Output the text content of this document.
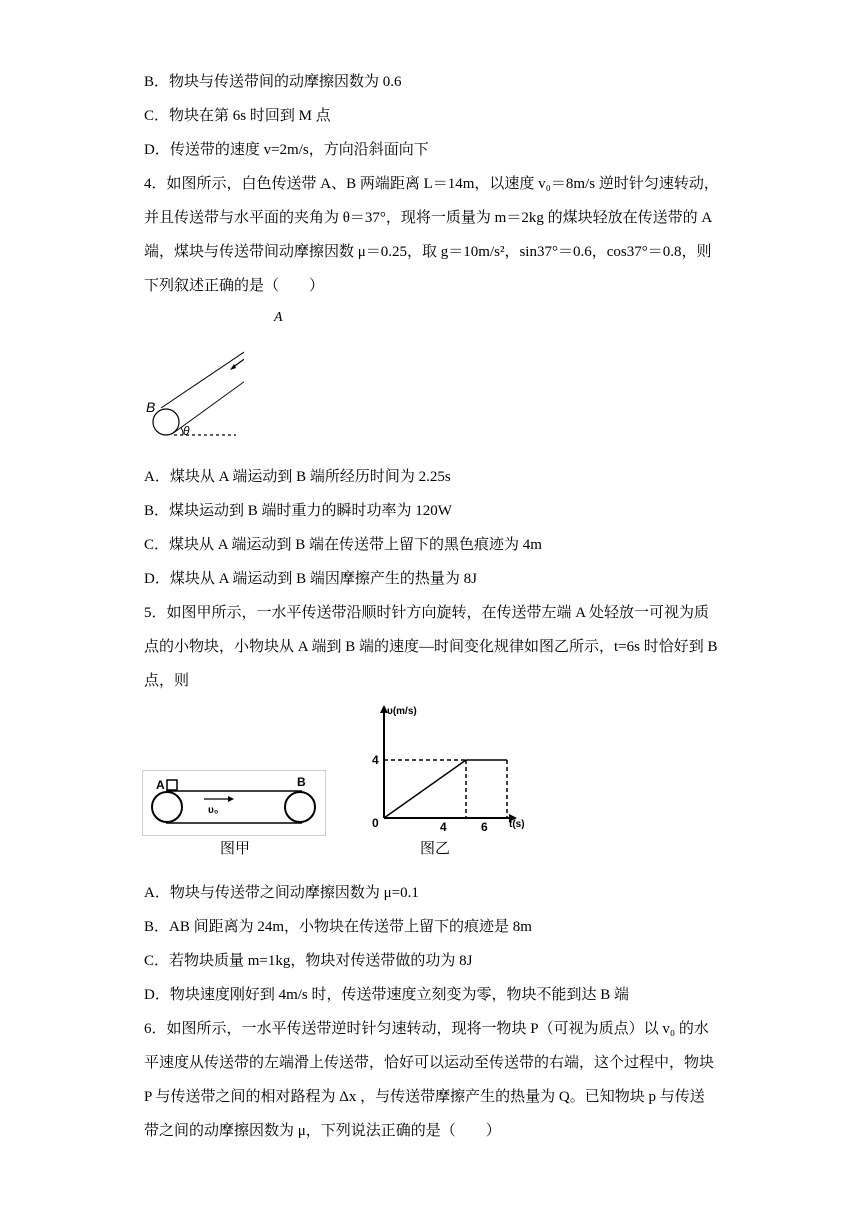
B．物块与传送带间的动摩擦因数为 0.6
C．物块在第 6s 时回到 M 点
D．传送带的速度 v=2m/s，方向沿斜面向下
4．如图所示，白色传送带 A、B 两端距离 L＝14m，以速度 v₀＝8m/s 逆时针匀速转动，
并且传送带与水平面的夹角为 θ＝37°，现将一质量为 m＝2kg 的煤块轻放在传送带的 A
端，煤块与传送带间动摩擦因数 μ＝0.25，取 g＝10m/s²，sin37°＝0.6，cos37°＝0.8，则
下列叙述正确的是（　　）
B
θ
A
A．煤块从 A 端运动到 B 端所经历时间为 2.25s
B．煤块运动到 B 端时重力的瞬时功率为 120W
C．煤块从 A 端运动到 B 端在传送带上留下的黑色痕迹为 4m
D．煤块从 A 端运动到 B 端因摩擦产生的热量为 8J
5．如图甲所示，一水平传送带沿顺时针方向旋转，在传送带左端 A 处轻放一可视为质
点的小物块，小物块从 A 端到 B 端的速度—时间变化规律如图乙所示，t=6s 时恰好到 B
点，则
A	B
υ₀
图甲
υ(m/s)
t(s)
0
4
4	6
图乙
A．物块与传送带之间动摩擦因数为 μ=0.1
B．AB 间距离为 24m，小物块在传送带上留下的痕迹是 8m
C．若物块质量 m=1kg，物块对传送带做的功为 8J
D．物块速度刚好到 4m/s 时，传送带速度立刻变为零，物块不能到达 B 端
6．如图所示，一水平传送带逆时针匀速转动，现将一物块 P（可视为质点）以 v₀ 的水
平速度从传送带的左端滑上传送带，恰好可以运动至传送带的右端，这个过程中，物块
P 与传送带之间的相对路程为 Δx ，与传送带摩擦产生的热量为 Q。已知物块 p 与传送
带之间的动摩擦因数为 μ，下列说法正确的是（　　）
